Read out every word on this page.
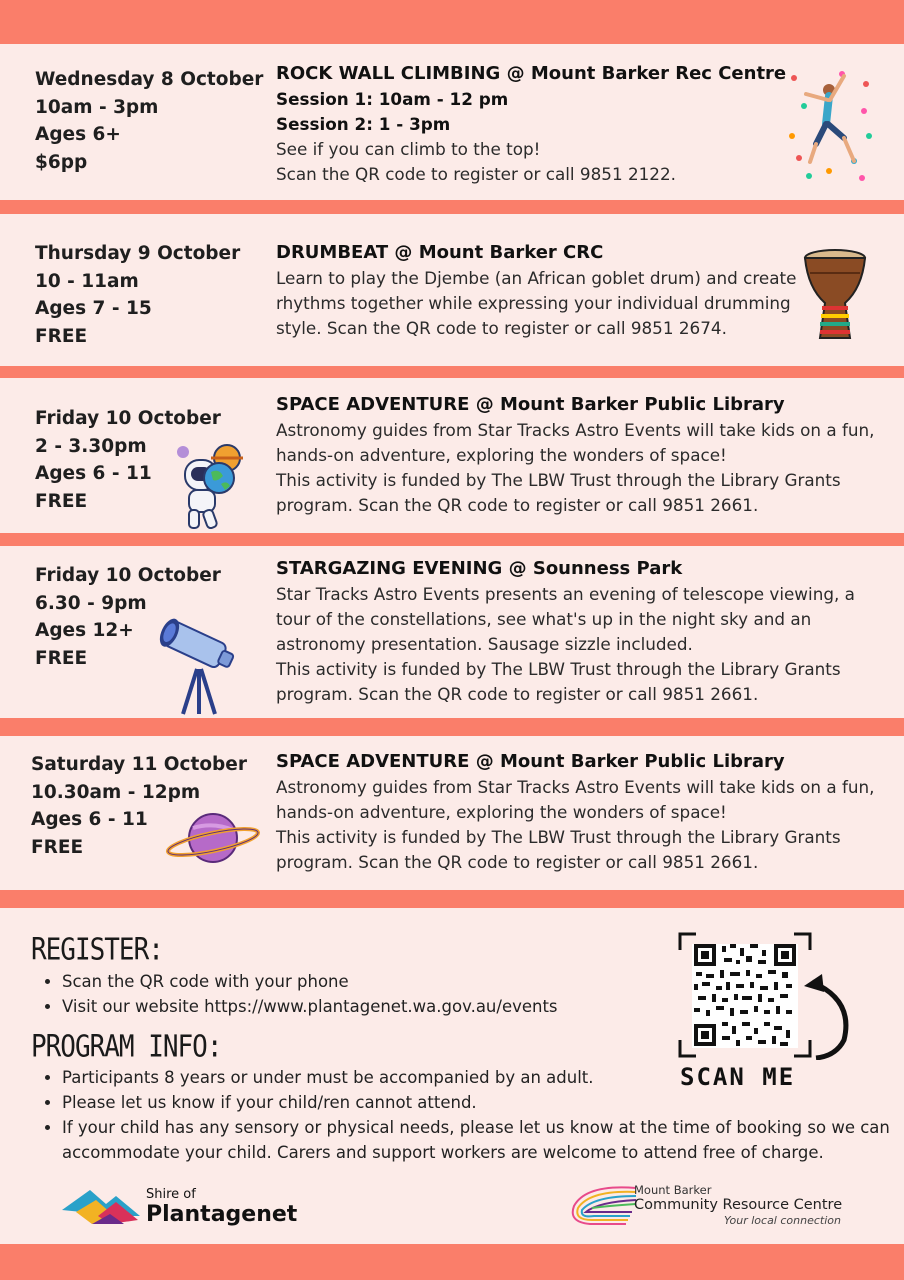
Wednesday 8 October
10am - 3pm
Ages 6+
$6pp
ROCK WALL CLIMBING @ Mount Barker Rec Centre
Session 1: 10am - 12 pm
Session 2: 1 - 3pm
See if you can climb to the top!
Scan the QR code to register or call 9851 2122.
Thursday 9 October
10 - 11am
Ages 7 - 15
FREE
DRUMBEAT @ Mount Barker CRC
Learn to play the Djembe (an African goblet drum) and create
rhythms together while expressing your individual drumming
style. Scan the QR code to register or call 9851 2674.
Friday 10 October
2 - 3.30pm
Ages 6 - 11
FREE
SPACE ADVENTURE @ Mount Barker Public Library
Astronomy guides from Star Tracks Astro Events will take kids on a fun,
hands-on adventure, exploring the wonders of space!
This activity is funded by The LBW Trust through the Library Grants
program. Scan the QR code to register or call 9851 2661.
Friday 10 October
6.30 - 9pm
Ages 12+
FREE
STARGAZING EVENING @ Sounness Park
Star Tracks Astro Events presents an evening of telescope viewing, a
tour of the constellations, see what's up in the night sky and an
astronomy presentation. Sausage sizzle included.
This activity is funded by The LBW Trust through the Library Grants
program. Scan the QR code to register or call 9851 2661.
Saturday 11 October
10.30am - 12pm
Ages 6 - 11
FREE
SPACE ADVENTURE @ Mount Barker Public Library
Astronomy guides from Star Tracks Astro Events will take kids on a fun,
hands-on adventure, exploring the wonders of space!
This activity is funded by The LBW Trust through the Library Grants
program. Scan the QR code to register or call 9851 2661.
REGISTER:
• Scan the QR code with your phone
• Visit our website https://www.plantagenet.wa.gov.au/events
PROGRAM INFO:
• Participants 8 years or under must be accompanied by an adult.
• Please let us know if your child/ren cannot attend.
• If your child has any sensory or physical needs, please let us know at the time of booking so we can accommodate your child. Carers and support workers are welcome to attend free of charge.
SCAN ME
Shire of
Plantagenet
Mount Barker
Community Resource Centre
Your local connection
